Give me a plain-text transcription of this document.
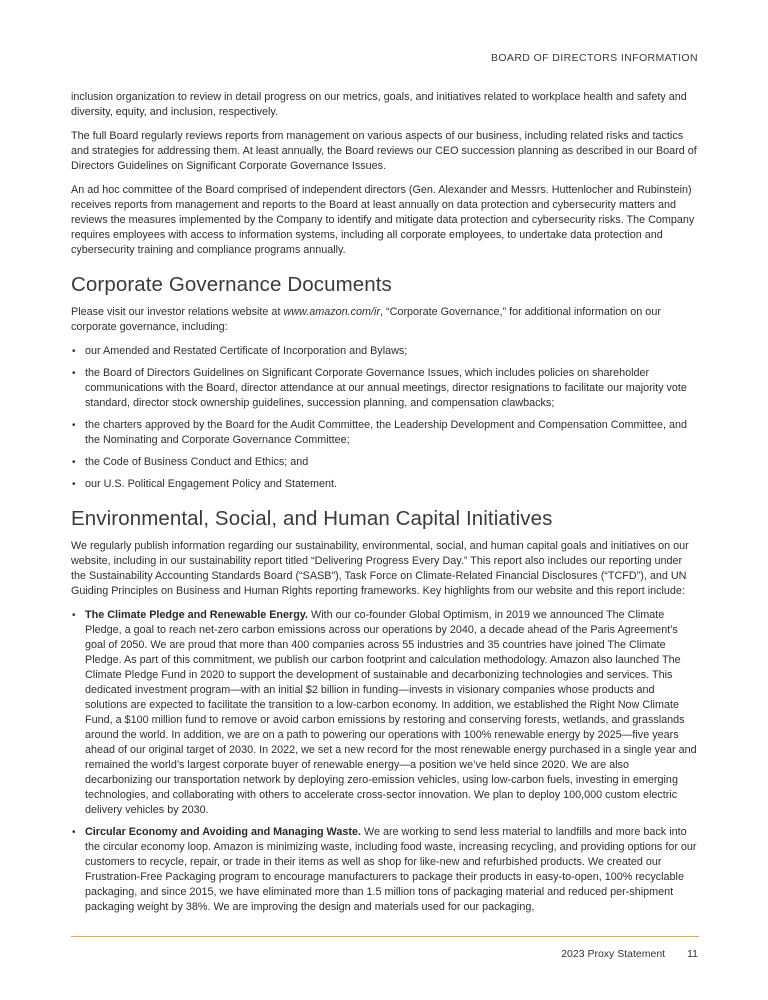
BOARD OF DIRECTORS INFORMATION

inclusion organization to review in detail progress on our metrics, goals, and initiatives related to workplace health and safety and diversity, equity, and inclusion, respectively.

The full Board regularly reviews reports from management on various aspects of our business, including related risks and tactics and strategies for addressing them. At least annually, the Board reviews our CEO succession planning as described in our Board of Directors Guidelines on Significant Corporate Governance Issues.

An ad hoc committee of the Board comprised of independent directors (Gen. Alexander and Messrs. Huttenlocher and Rubinstein) receives reports from management and reports to the Board at least annually on data protection and cybersecurity matters and reviews the measures implemented by the Company to identify and mitigate data protection and cybersecurity risks. The Company requires employees with access to information systems, including all corporate employees, to undertake data protection and cybersecurity training and compliance programs annually.

Corporate Governance Documents

Please visit our investor relations website at www.amazon.com/ir, “Corporate Governance,” for additional information on our corporate governance, including:

• our Amended and Restated Certificate of Incorporation and Bylaws;
• the Board of Directors Guidelines on Significant Corporate Governance Issues, which includes policies on shareholder communications with the Board, director attendance at our annual meetings, director resignations to facilitate our majority vote standard, director stock ownership guidelines, succession planning, and compensation clawbacks;
• the charters approved by the Board for the Audit Committee, the Leadership Development and Compensation Committee, and the Nominating and Corporate Governance Committee;
• the Code of Business Conduct and Ethics; and
• our U.S. Political Engagement Policy and Statement.
Environmental, Social, and Human Capital Initiatives

We regularly publish information regarding our sustainability, environmental, social, and human capital goals and initiatives on our website, including in our sustainability report titled “Delivering Progress Every Day.” This report also includes our reporting under the Sustainability Accounting Standards Board (“SASB”), Task Force on Climate-Related Financial Disclosures (“TCFD”), and UN Guiding Principles on Business and Human Rights reporting frameworks. Key highlights from our website and this report include:

• The Climate Pledge and Renewable Energy. With our co-founder Global Optimism, in 2019 we announced The Climate Pledge, a goal to reach net-zero carbon emissions across our operations by 2040, a decade ahead of the Paris Agreement’s goal of 2050. We are proud that more than 400 companies across 55 industries and 35 countries have joined The Climate Pledge. As part of this commitment, we publish our carbon footprint and calculation methodology. Amazon also launched The Climate Pledge Fund in 2020 to support the development of sustainable and decarbonizing technologies and services. This dedicated investment program—with an initial $2 billion in funding—invests in visionary companies whose products and solutions are expected to facilitate the transition to a low-carbon economy. In addition, we established the Right Now Climate Fund, a $100 million fund to remove or avoid carbon emissions by restoring and conserving forests, wetlands, and grasslands around the world. In addition, we are on a path to powering our operations with 100% renewable energy by 2025—five years ahead of our original target of 2030. In 2022, we set a new record for the most renewable energy purchased in a single year and remained the world’s largest corporate buyer of renewable energy—a position we’ve held since 2020. We are also decarbonizing our transportation network by deploying zero-emission vehicles, using low-carbon fuels, investing in emerging technologies, and collaborating with others to accelerate cross-sector innovation. We plan to deploy 100,000 custom electric delivery vehicles by 2030.
• Circular Economy and Avoiding and Managing Waste. We are working to send less material to landfills and more back into the circular economy loop. Amazon is minimizing waste, including food waste, increasing recycling, and providing options for our customers to recycle, repair, or trade in their items as well as shop for like-new and refurbished products. We created our Frustration-Free Packaging program to encourage manufacturers to package their products in easy-to-open, 100% recyclable packaging, and since 2015, we have eliminated more than 1.5 million tons of packaging material and reduced per-shipment packaging weight by 38%. We are improving the design and materials used for our packaging,
2023 Proxy Statement 11
